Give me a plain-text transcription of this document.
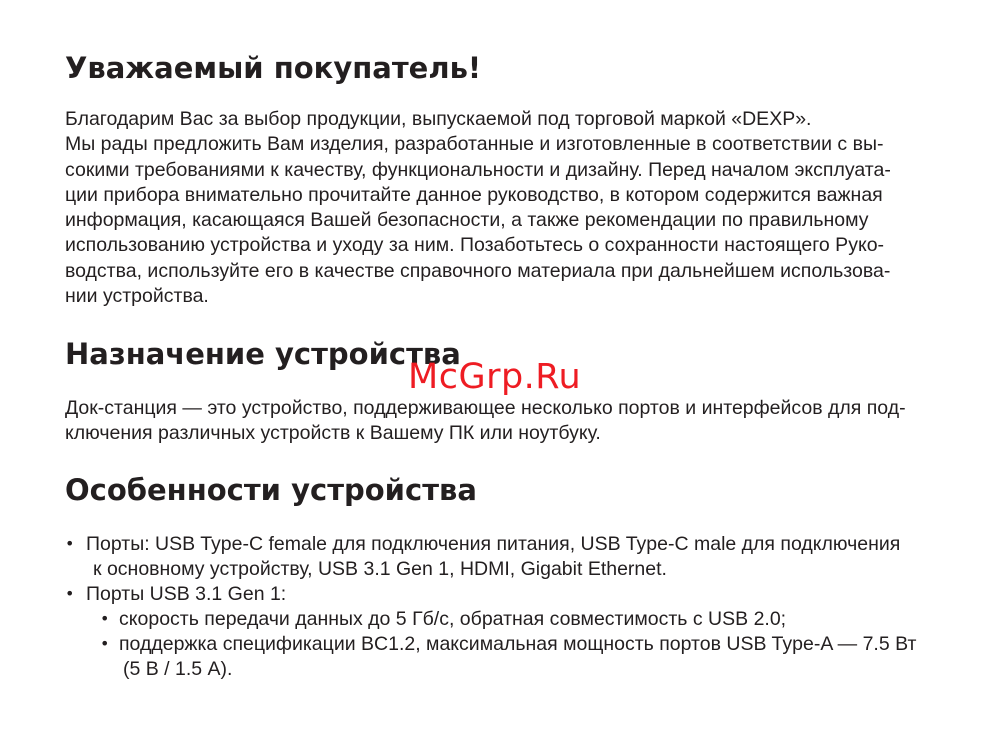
Уважаемый покупатель!
Благодарим Вас за выбор продукции, выпускаемой под торговой маркой «DEXP».
Мы рады предложить Вам изделия, разработанные и изготовленные в соответствии с вы-
сокими требованиями к качеству, функциональности и дизайну. Перед началом эксплуата-
ции прибора внимательно прочитайте данное руководство, в котором содержится важная
информация, касающаяся Вашей безопасности, а также рекомендации по правильному
использованию устройства и уходу за ним. Позаботьтесь о сохранности настоящего Руко-
водства, используйте его в качестве справочного материала при дальнейшем использова-
нии устройства.
Назначение устройства
Док-станция — это устройство, поддерживающее несколько портов и интерфейсов для под-
ключения различных устройств к Вашему ПК или ноутбуку.
Особенности устройства
• Порты: USB Type-C female для подключения питания, USB Type-C male для подключения
к основному устройству, USB 3.1 Gen 1, HDMI, Gigabit Ethernet.
• Порты USB 3.1 Gen 1:
• скорость передачи данных до 5 Гб/с, обратная совместимость с USB 2.0;
• поддержка спецификации BC1.2, максимальная мощность портов USB Type-A — 7.5 Вт
(5 В / 1.5 А).
McGrp.Ru
